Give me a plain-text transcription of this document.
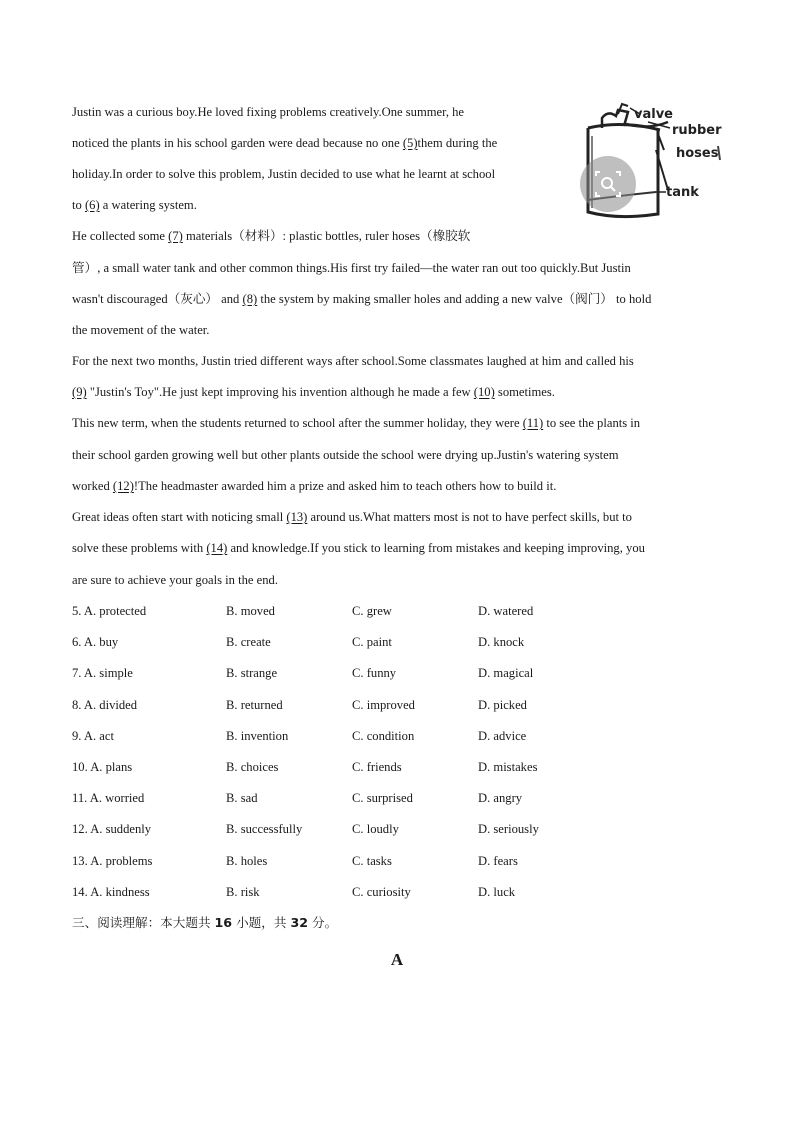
Justin was a curious boy.He loved fixing problems creatively.One summer, he
noticed the plants in his school garden were dead because no one (5)them during the
holiday.In order to solve this problem, Justin decided to use what he learnt at school
to (6) a watering system.
He collected some (7) materials（材料）: plastic bottles, ruler hoses（橡胶软
管）, a small water tank and other common things.His first try failed—the water ran out too quickly.But Justin
wasn't discouraged（灰心） and (8) the system by making smaller holes and adding a new valve（阀门） to hold
the movement of the water.
For the next two months, Justin tried different ways after school.Some classmates laughed at him and called his
(9) "Justin's Toy".He just kept improving his invention although he made a few (10) sometimes.
This new term, when the students returned to school after the summer holiday, they were (11) to see the plants in
their school garden growing well but other plants outside the school were drying up.Justin's watering system
worked (12)!The headmaster awarded him a prize and asked him to teach others how to build it.
Great ideas often start with noticing small (13) around us.What matters most is not to have perfect skills, but to
solve these problems with (14) and knowledge.If you stick to learning from mistakes and keeping improving, you
are sure to achieve your goals in the end.
valve
rubber
hoses
tank
5. A. protected	B. moved	C. grew	D. watered
6. A. buy	B. create	C. paint	D. knock
7. A. simple	B. strange	C. funny	D. magical
8. A. divided	B. returned	C. improved	D. picked
9. A. act	B. invention	C. condition	D. advice
10. A. plans	B. choices	C. friends	D. mistakes
11. A. worried	B. sad	C. surprised	D. angry
12. A. suddenly	B. successfully	C. loudly	D. seriously
13. A. problems	B. holes	C. tasks	D. fears
14. A. kindness	B. risk	C. curiosity	D. luck
三、阅读理解：本大题共 16 小题，共 32 分。
A
